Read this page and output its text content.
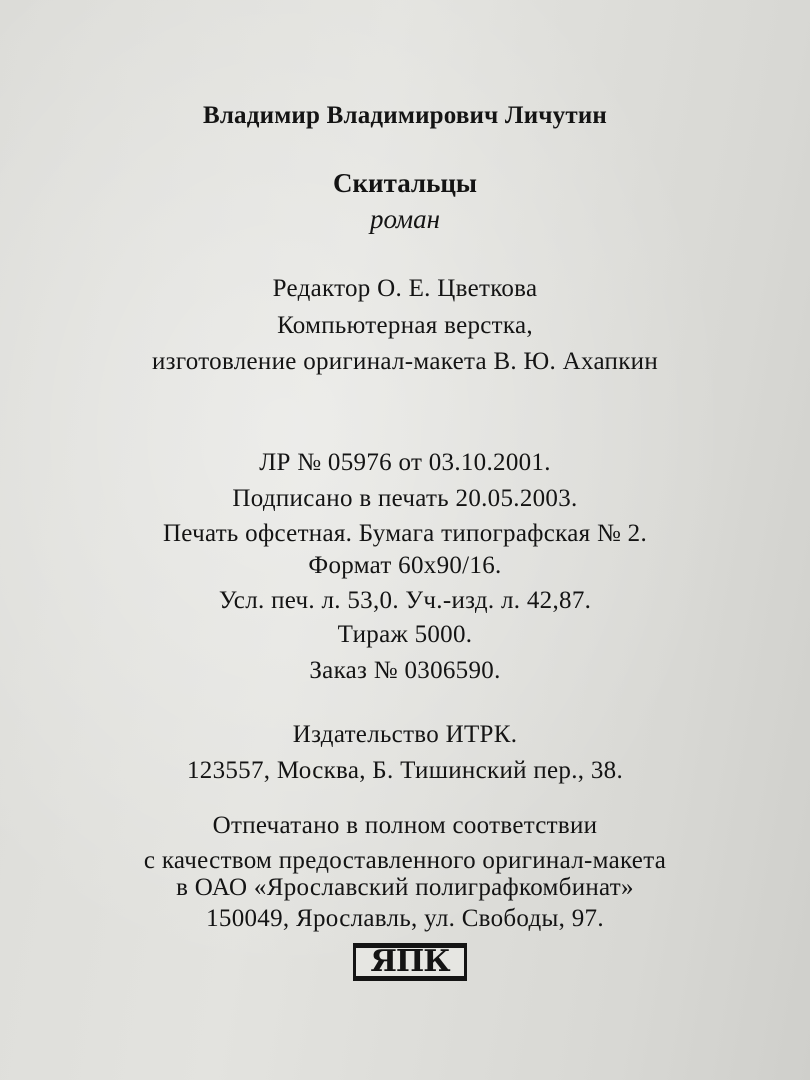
Владимир Владимирович Личутин
Скитальцы
роман
Редактор О. Е. Цветкова
Компьютерная верстка,
изготовление оригинал-макета В. Ю. Ахапкин
ЛР № 05976 от 03.10.2001.
Подписано в печать 20.05.2003.
Печать офсетная. Бумага типографская № 2.
Формат 60x90/16.
Усл. печ. л. 53,0. Уч.-изд. л. 42,87.
Тираж 5000.
Заказ № 0306590.
Издательство ИТРК.
123557, Москва, Б. Тишинский пер., 38.
Отпечатано в полном соответствии
с качеством предоставленного оригинал-макета
в ОАО «Ярославский полиграфкомбинат»
150049, Ярославль, ул. Свободы, 97.
ЯПК
